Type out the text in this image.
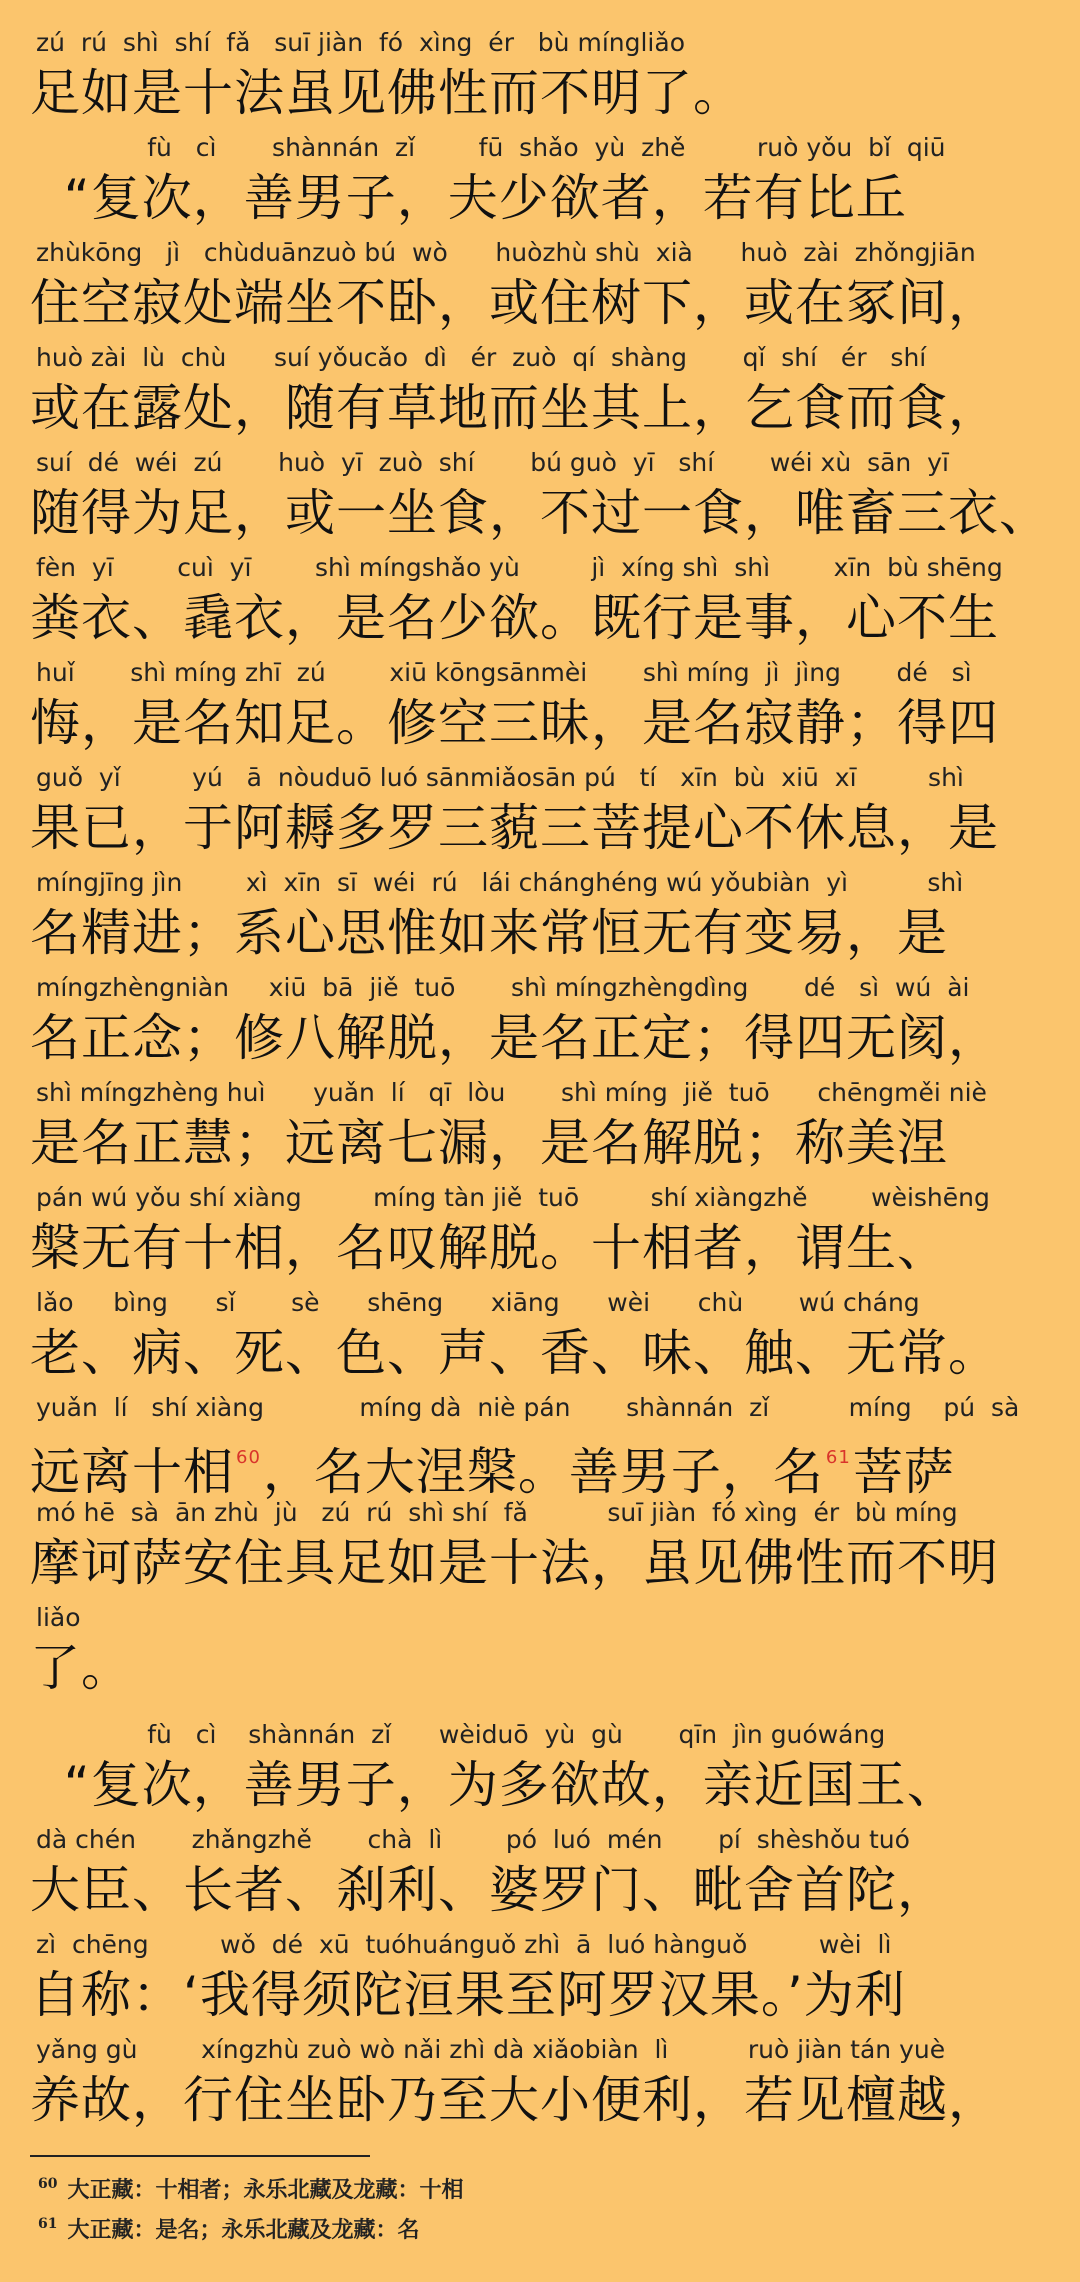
zú  rú  shì  shí  fǎ   suī jiàn  fó  xìng  ér   bù míngliǎo
足如是十法虽见佛性而不明了。
fù   cì       shànnán  zǐ        fū  shǎo  yù  zhě         ruò yǒu  bǐ  qiū
“复次，善男子，夫少欲者，若有比丘
zhùkōng   jì   chùduānzuò bú  wò      huòzhù shù  xià      huò  zài  zhǒngjiān
住空寂处端坐不卧，或住树下，或在冢间，
huò zài  lù  chù      suí yǒucǎo  dì   ér  zuò  qí  shàng       qǐ  shí   ér   shí
或在露处，随有草地而坐其上，乞食而食，
suí  dé  wéi  zú       huò  yī  zuò  shí       bú guò  yī   shí       wéi xù  sān  yī
随得为足，或一坐食，不过一食，唯畜三衣、
fèn  yī        cuì  yī        shì míngshǎo yù         jì  xíng shì  shì        xīn  bù shēng
粪衣、毳衣，是名少欲。既行是事，心不生
huǐ       shì míng zhī  zú        xiū kōngsānmèi       shì míng  jì  jìng       dé   sì
悔，是名知足。修空三昧，是名寂静；得四
guǒ  yǐ         yú   ā  nòuduō luó sānmiǎosān pú   tí   xīn  bù  xiū  xī         shì
果已，于阿耨多罗三藐三菩提心不休息，是
míngjīng jìn        xì  xīn  sī  wéi  rú   lái chánghéng wú yǒubiàn  yì          shì
名精进；系心思惟如来常恒无有变易，是
míngzhèngniàn     xiū  bā  jiě  tuō       shì míngzhèngdìng       dé   sì  wú  ài
名正念；修八解脱，是名正定；得四无阂，
shì míngzhèng huì      yuǎn  lí   qī  lòu       shì míng  jiě  tuō      chēngměi niè
是名正慧；远离七漏，是名解脱；称美涅
pán wú yǒu shí xiàng         míng tàn jiě  tuō         shí xiàngzhě        wèishēng
槃无有十相，名叹解脱。十相者，谓生、
lǎo     bìng      sǐ       sè      shēng      xiāng      wèi      chù       wú cháng
老、病、死、色、声、香、味、触、无常。
yuǎn  lí   shí xiàng            míng dà  niè pán       shànnán  zǐ          míng    pú  sà
远离十相 $^{60}$，名大涅槃。善男子，名 $^{61}$菩萨
mó hē  sà  ān zhù  jù   zú  rú  shì shí  fǎ          suī jiàn  fó xìng  ér  bù míng
摩诃萨安住具足如是十法，虽见佛性而不明
liǎo
了。
fù   cì    shànnán  zǐ      wèiduō  yù  gù       qīn  jìn guówáng
“复次，善男子，为多欲故，亲近国王、
dà chén       zhǎngzhě       chà  lì        pó  luó  mén       pí  shèshǒu tuó
大臣、长者、刹利、婆罗门、毗舍首陀，
zì  chēng         wǒ  dé  xū  tuóhuánguǒ zhì  ā  luó hànguǒ         wèi  lì
自称：‘我得须陀洹果至阿罗汉果。’为利
yǎng gù        xíngzhù zuò wò nǎi zhì dà xiǎobiàn  lì          ruò jiàn tán yuè
养故，行住坐卧乃至大小便利，若见檀越，
$^{60}$ 大正藏：十相者；永乐北藏及龙藏：十相
$^{61}$ 大正藏：是名；永乐北藏及龙藏：名
